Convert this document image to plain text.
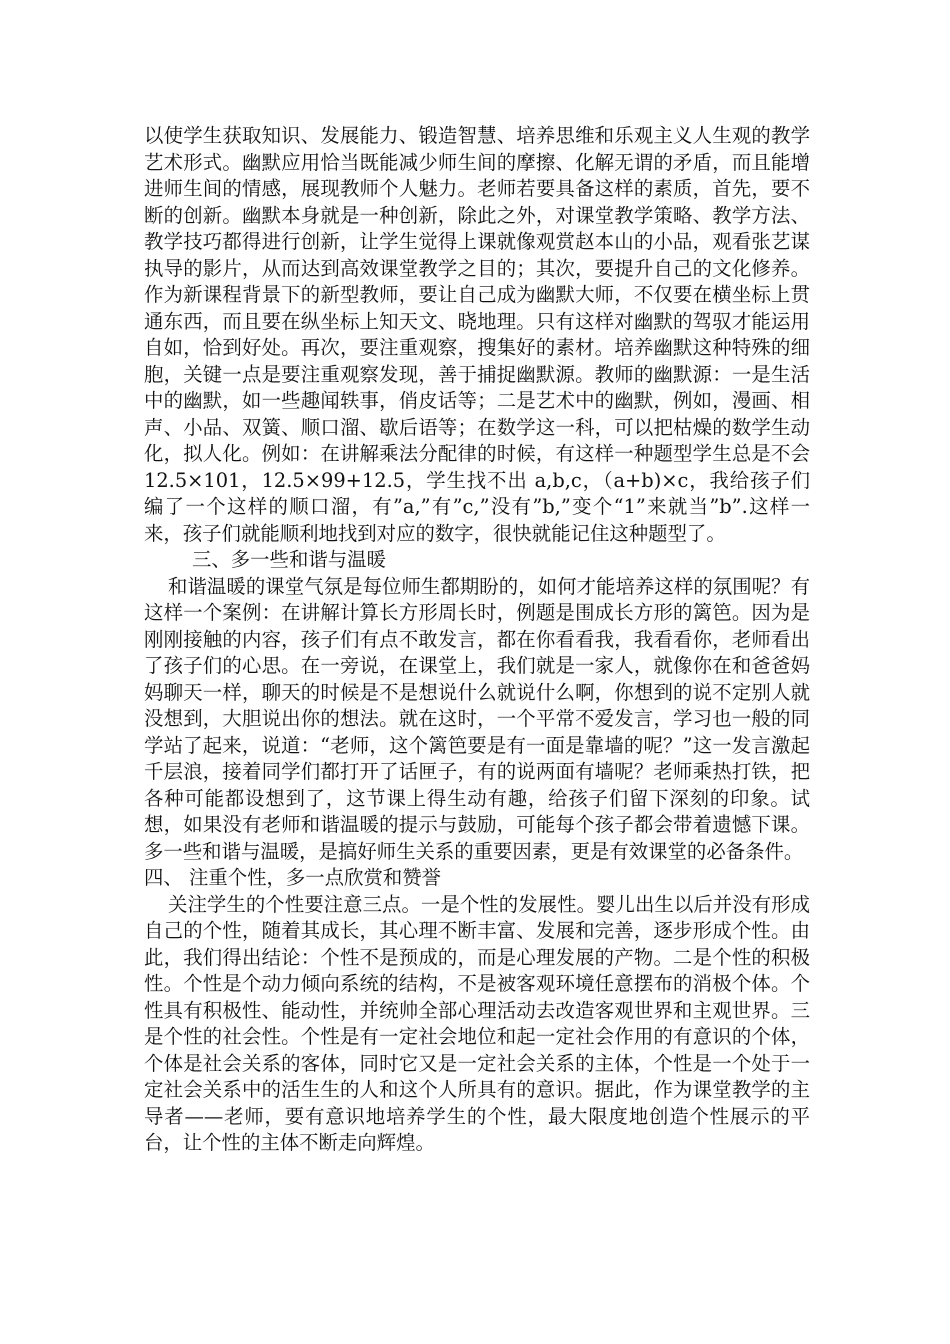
以使学生获取知识、发展能力、锻造智慧、培养思维和乐观主义人生观的教学艺术形式。幽默应用恰当既能减少师生间的摩擦、化解无谓的矛盾，而且能增进师生间的情感，展现教师个人魅力。老师若要具备这样的素质，首先，要不断的创新。幽默本身就是一种创新，除此之外，对课堂教学策略、教学方法、教学技巧都得进行创新，让学生觉得上课就像观赏赵本山的小品，观看张艺谋执导的影片，从而达到高效课堂教学之目的；其次，要提升自己的文化修养。作为新课程背景下的新型教师，要让自己成为幽默大师，不仅要在横坐标上贯通东西，而且要在纵坐标上知天文、晓地理。只有这样对幽默的驾驭才能运用自如，恰到好处。再次，要注重观察，搜集好的素材。培养幽默这种特殊的细胞，关键一点是要注重观察发现，善于捕捉幽默源。教师的幽默源：一是生活中的幽默，如一些趣闻轶事，俏皮话等；二是艺术中的幽默，例如，漫画、相声、小品、双簧、顺口溜、歇后语等；在数学这一科，可以把枯燥的数学生动化，拟人化。例如：在讲解乘法分配律的时候，有这样一种题型学生总是不会 12.5×101，12.5×99+12.5，学生找不出 a,b,c，（a+b)×c，我给孩子们编了一个这样的顺口溜，有”a,”有”c,”没有”b,”变个“1”来就当”b”.这样一来，孩子们就能顺利地找到对应的数字，很快就能记住这种题型了。

三、多一些和谐与温暖

和谐温暖的课堂气氛是每位师生都期盼的，如何才能培养这样的氛围呢？有这样一个案例：在讲解计算长方形周长时，例题是围成长方形的篱笆。因为是刚刚接触的内容，孩子们有点不敢发言，都在你看看我，我看看你，老师看出了孩子们的心思。在一旁说，在课堂上，我们就是一家人，就像你在和爸爸妈妈聊天一样，聊天的时候是不是想说什么就说什么啊，你想到的说不定别人就没想到，大胆说出你的想法。就在这时，一个平常不爱发言，学习也一般的同学站了起来，说道：“老师，这个篱笆要是有一面是靠墙的呢？”这一发言激起千层浪，接着同学们都打开了话匣子，有的说两面有墙呢？老师乘热打铁，把各种可能都设想到了，这节课上得生动有趣，给孩子们留下深刻的印象。试想，如果没有老师和谐温暖的提示与鼓励，可能每个孩子都会带着遗憾下课。多一些和谐与温暖，是搞好师生关系的重要因素，更是有效课堂的必备条件。

四、 注重个性，多一点欣赏和赞誉

关注学生的个性要注意三点。一是个性的发展性。婴儿出生以后并没有形成自己的个性，随着其成长，其心理不断丰富、发展和完善，逐步形成个性。由此，我们得出结论：个性不是预成的，而是心理发展的产物。二是个性的积极性。个性是个动力倾向系统的结构，不是被客观环境任意摆布的消极个体。个性具有积极性、能动性，并统帅全部心理活动去改造客观世界和主观世界。三是个性的社会性。个性是有一定社会地位和起一定社会作用的有意识的个体，个体是社会关系的客体，同时它又是一定社会关系的主体，个性是一个处于一定社会关系中的活生生的人和这个人所具有的意识。据此，作为课堂教学的主导者——老师，要有意识地培养学生的个性，最大限度地创造个性展示的平台，让个性的主体不断走向辉煌。
